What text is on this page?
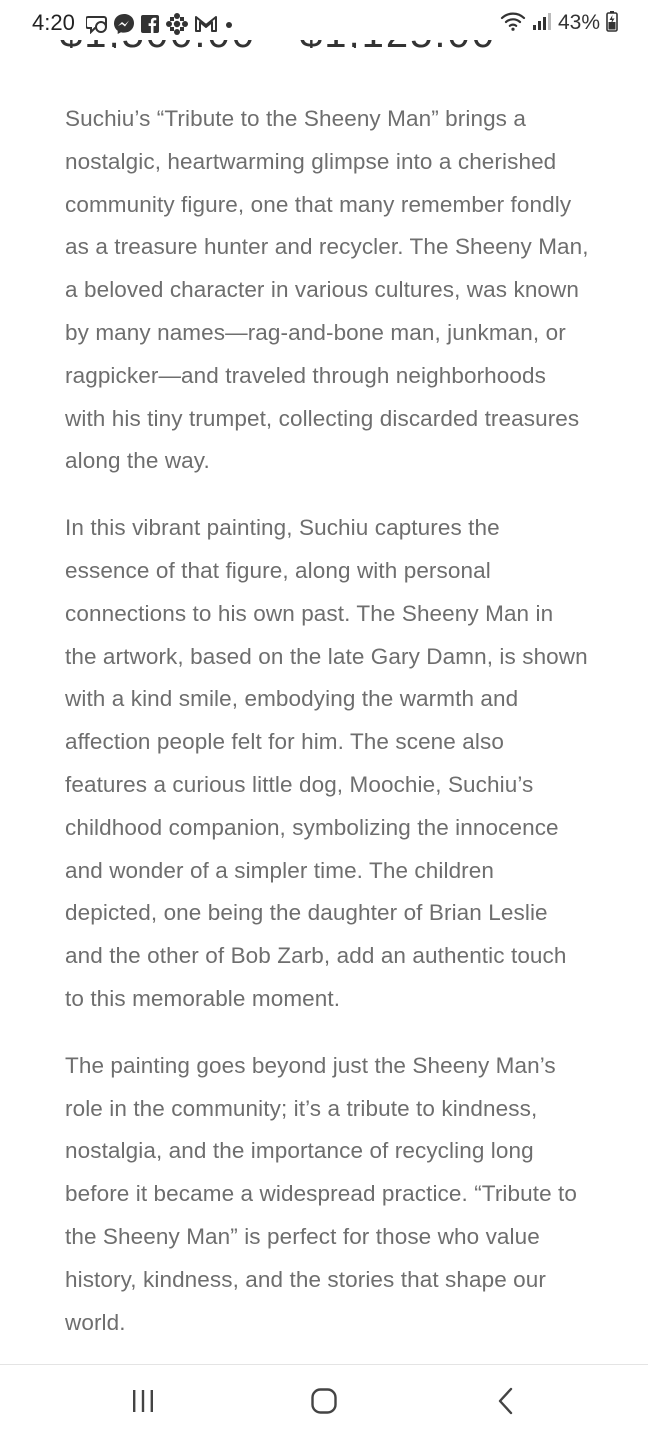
4:20	43%

Suchiu’s “Tribute to the Sheeny Man” brings a nostalgic, heartwarming glimpse into a cherished community figure, one that many remember fondly as a treasure hunter and recycler. The Sheeny Man, a beloved character in various cultures, was known by many names—rag-and-bone man, junkman, or ragpicker—and traveled through neighborhoods with his tiny trumpet, collecting discarded treasures along the way.

In this vibrant painting, Suchiu captures the essence of that figure, along with personal connections to his own past. The Sheeny Man in the artwork, based on the late Gary Damn, is shown with a kind smile, embodying the warmth and affection people felt for him. The scene also features a curious little dog, Moochie, Suchiu’s childhood companion, symbolizing the innocence and wonder of a simpler time. The children depicted, one being the daughter of Brian Leslie and the other of Bob Zarb, add an authentic touch to this memorable moment.

The painting goes beyond just the Sheeny Man’s role in the community; it’s a tribute to kindness, nostalgia, and the importance of recycling long before it became a widespread practice. “Tribute to the Sheeny Man” is perfect for those who value history, kindness, and the stories that shape our world.
